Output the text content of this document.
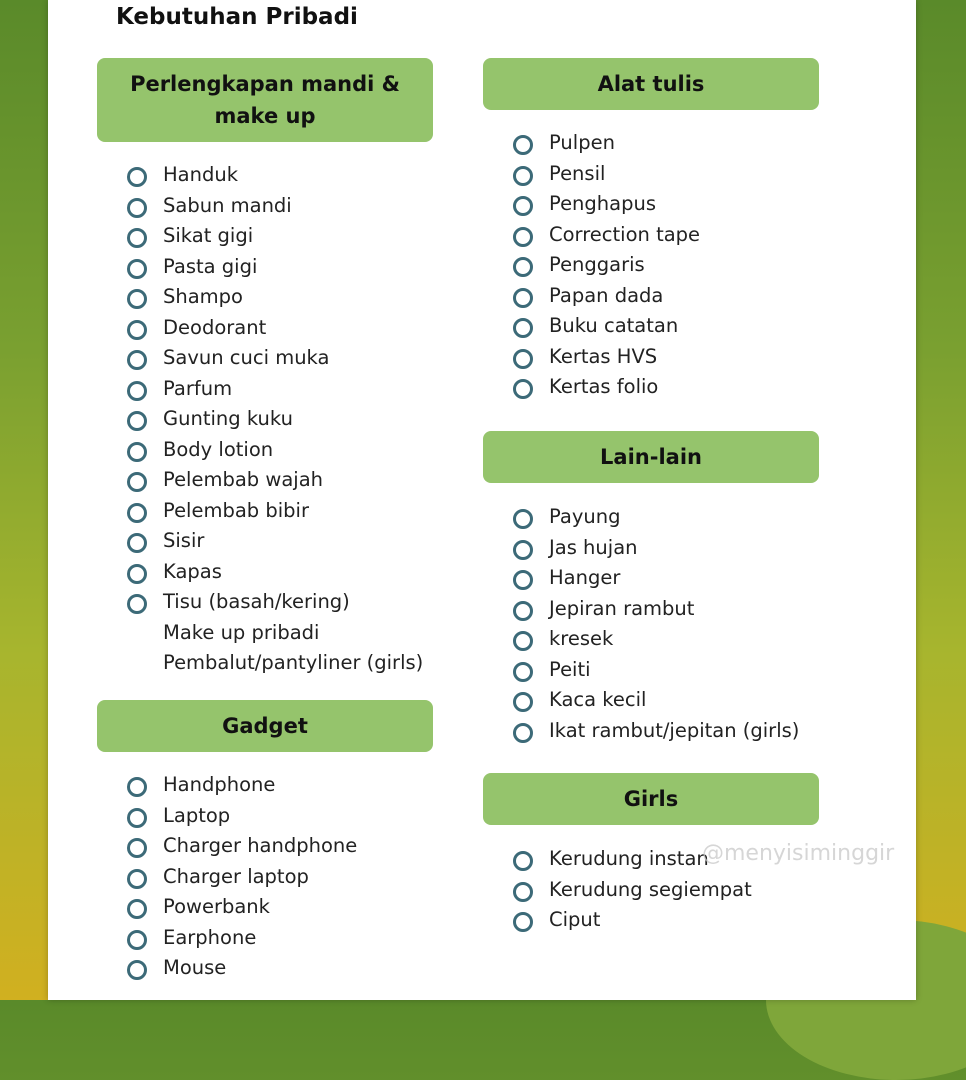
Kebutuhan Pribadi
Perlengkapan mandi & make up
Handuk
Sabun mandi
Sikat gigi
Pasta gigi
Shampo
Deodorant
Savun cuci muka
Parfum
Gunting kuku
Body lotion
Pelembab wajah
Pelembab bibir
Sisir
Kapas
Tisu (basah/kering)
Make up pribadi
Pembalut/pantyliner (girls)
Gadget
Handphone
Laptop
Charger handphone
Charger laptop
Powerbank
Earphone
Mouse
Alat tulis
Pulpen
Pensil
Penghapus
Correction tape
Penggaris
Papan dada
Buku catatan
Kertas HVS
Kertas folio
Lain-lain
Payung
Jas hujan
Hanger
Jepiran rambut
kresek
Peiti
Kaca kecil
Ikat rambut/jepitan (girls)
Girls
Kerudung instan
Kerudung segiempat
Ciput
@menyisiminggir
